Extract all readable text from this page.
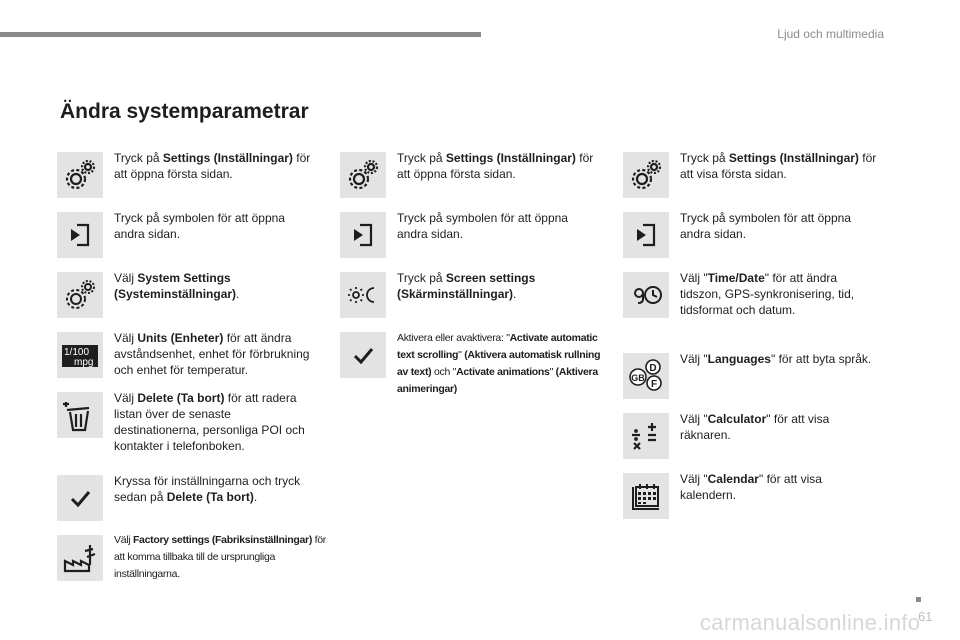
Ljud och multimedia
Ändra systemparametrar
Tryck på Settings (Inställningar) för att öppna första sidan.
Tryck på symbolen för att öppna andra sidan.
Välj System Settings (Systeminställningar).
1/100
mpg
Välj Units (Enheter) för att ändra avståndsenhet, enhet för förbrukning och enhet för temperatur.
Välj Delete (Ta bort) för att radera listan över de senaste destinationerna, personliga POI och kontakter i telefonboken.
Kryssa för inställningarna och tryck sedan på Delete (Ta bort).
Välj Factory settings (Fabriksinställningar) för att komma tillbaka till de ursprungliga inställningarna.
Tryck på Settings (Inställningar) för att öppna första sidan.
Tryck på symbolen för att öppna andra sidan.
Tryck på Screen settings (Skärminställningar).
Aktivera eller avaktivera: "Activate automatic text scrolling" (Aktivera automatisk rullning av text) och "Activate animations" (Aktivera animeringar)
Tryck på Settings (Inställningar) för att visa första sidan.
Tryck på symbolen för att öppna andra sidan.
Välj "Time/Date" för att ändra tidszon, GPS-synkronisering, tid, tidsformat och datum.
D
GB
F
Välj "Languages" för att byta språk.
Välj "Calculator" för att visa räknaren.
Välj "Calendar" för att visa kalendern.
carmanualsonline.info
61
